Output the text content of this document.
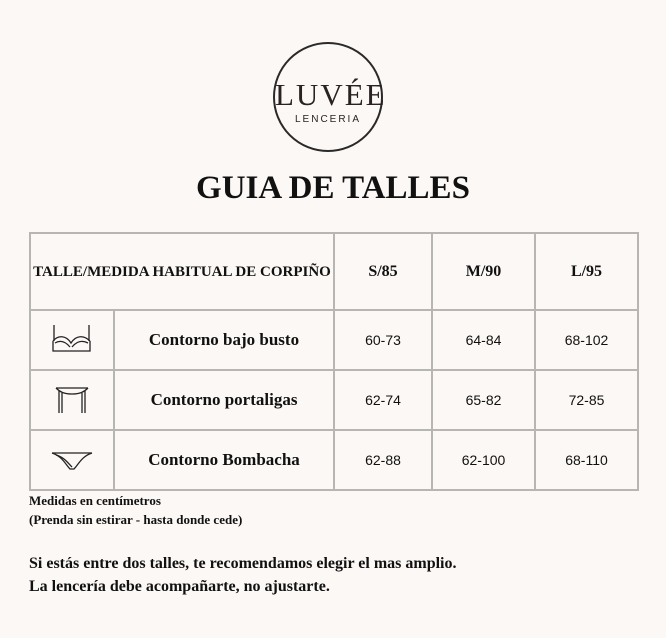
LUVÉE
LENCERIA
GUIA DE TALLES
TALLE/MEDIDA HABITUAL DE CORPIÑO		S/85	M/90	L/95

	Contorno bajo busto	60-73	64-84	68-102

	Contorno portaligas	62-74	65-82	72-85

	Contorno Bombacha	62-88	62-100	68-110
Medidas en centímetros
(Prenda sin estirar - hasta donde cede)
Si estás entre dos talles, te recomendamos elegir el mas amplio.
La lencería debe acompañarte, no ajustarte.
